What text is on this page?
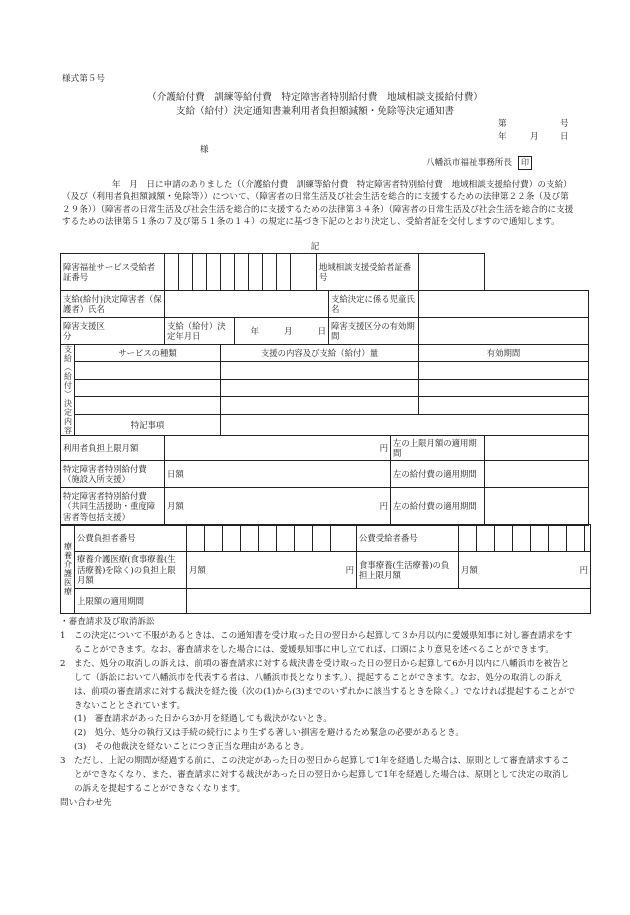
様式第５号
（介護給付費　訓練等給付費　特定障害者特別給付費　地域相談支援給付費）
支給（給付）決定通知書兼利用者負担額減額・免除等決定通知書
第	号
年	月 日
様
八幡浜市福祉事務所長 印
年　月　日に申請のありました（（介護給付費　訓練等給付費　特定障害者特別給付費　地域相談支援給付費）の支給）（及び（利用者負担額減額・免除等））について、（障害者の日常生活及び社会生活を総合的に支援するための法律第２２条（及び第２９条））（障害者の日常生活及び社会生活を総合的に支援するための法律第３４条）（障害者の日常生活及び社会生活を総合的に支援するための法律第５１条の７及び第５１条の１４）の規定に基づき下記のとおり決定し、受給者証を交付しますので通知します。
記
障害福祉サービス受給者証番号												地域相談支援受給者証番号				
支給(給付)決定障害者（保護者）氏名													支給決定に係る児童氏名			
障害支援区分		支給（給付）決定年月日					年　　　 月　　　 日						障害支援区分の有効期間			
支給（給付）決定内容	サービスの種類					支援の内容及び支給（給付）量									有効期間	

	特記事項															
利用者負担上限月額		円												左の上限月額の適用期間		
特定障害者特別給付費（施設入所支援）		日額												左の給付費の適用期間		
特定障害者特別給付費（共同生活援助・重度障害者等包括支援）		月額 円												左の給付費の適用期間		
療養介護医療	公費負担者番号										公費受給者番号								
	療養介護医療(食事療養(生活療養)を除く)の負担上限月額	月額 円									食事療養(生活療養)の負担上限月額	月額 円							

	上限額の適用期間																		

・審査請求及び取消訴訟

1　この決定について不服があるときは、この通知書を受け取った日の翌日から起算して３か月以内に愛媛県知事に対し審査請求をすることができます。なお、審査請求をした場合には、愛媛県知事に申し立てれば、口頭により意見を述べることができます。

2　また、処分の取消しの訴えは、前項の審査請求に対する裁決書を受け取った日の翌日から起算して6か月以内に八幡浜市を被告として（訴訟において八幡浜市を代表する者は、八幡浜市長となります。）、提起することができます。なお、処分の取消しの訴えは、前項の審査請求に対する裁決を経た後（次の(1)から(3)までのいずれかに該当するときを除く。）でなければ提起することができないこととされています。

(1)　審査請求があった日から3か月を経過しても裁決がないとき。

(2)　処分、処分の執行又は手続の続行により生ずる著しい損害を避けるため緊急の必要があるとき。

(3)　その他裁決を経ないことにつき正当な理由があるとき。

3　ただし、上記の期間が経過する前に、この決定があった日の翌日から起算して1年を経過した場合は、原則として審査請求することができなくなり、また、審査請求に対する裁決があった日の翌日から起算して1年を経過した場合は、原則として決定の取消しの訴えを提起することができなくなります。

問い合わせ先
